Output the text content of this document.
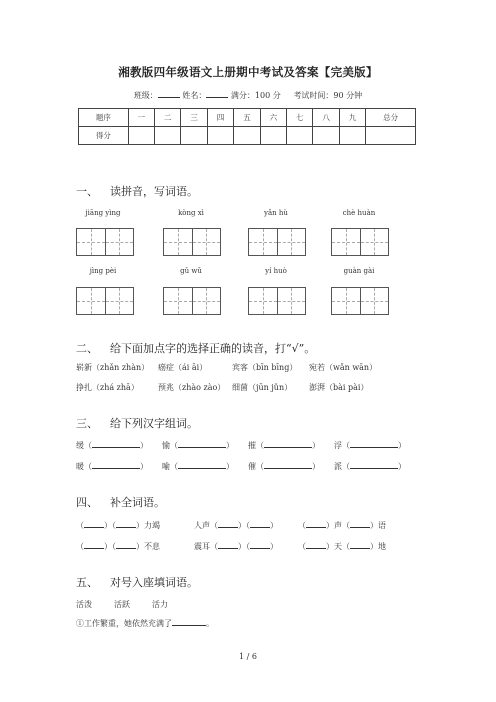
湘教版四年级语文上册期中考试及答案【完美版】
班级：	姓名：	满分：100 分 考试时间：90 分钟
题序	一	二	三	四	五	六	七	八	九	总分
得分										
一、 读拼音，写词语。
jiāng yìng	kòng xì	yǎn hù	chè huàn
jìng pèi	gǔ wǔ	yí huò	guàn gài
二、 给下面加点字的选择正确的读音，打“√”。
崭新（zhǎn zhàn） 癌症（ái āi）	宾客（bīn bīng） 宛若（wǎn wān）
挣扎（zhá zhā） 预兆（zhào zào） 细菌（jūn jǔn） 澎湃（bài pài）
三、 给下列汉字组词。
缓（	） 愉（	） 摧（	） 浮（	）
暖（	） 喻（	） 催（	） 派（	）
四、 补全词语。
（	）（	）力竭	人声（	）（	）	（	）声（	）语
（	）（	）不息	震耳（	）（	）	（	）天（	）地
五、 对号入座填词语。
活泼	活跃	活力
①工作繁重，她依然充满了	。
1 / 6
